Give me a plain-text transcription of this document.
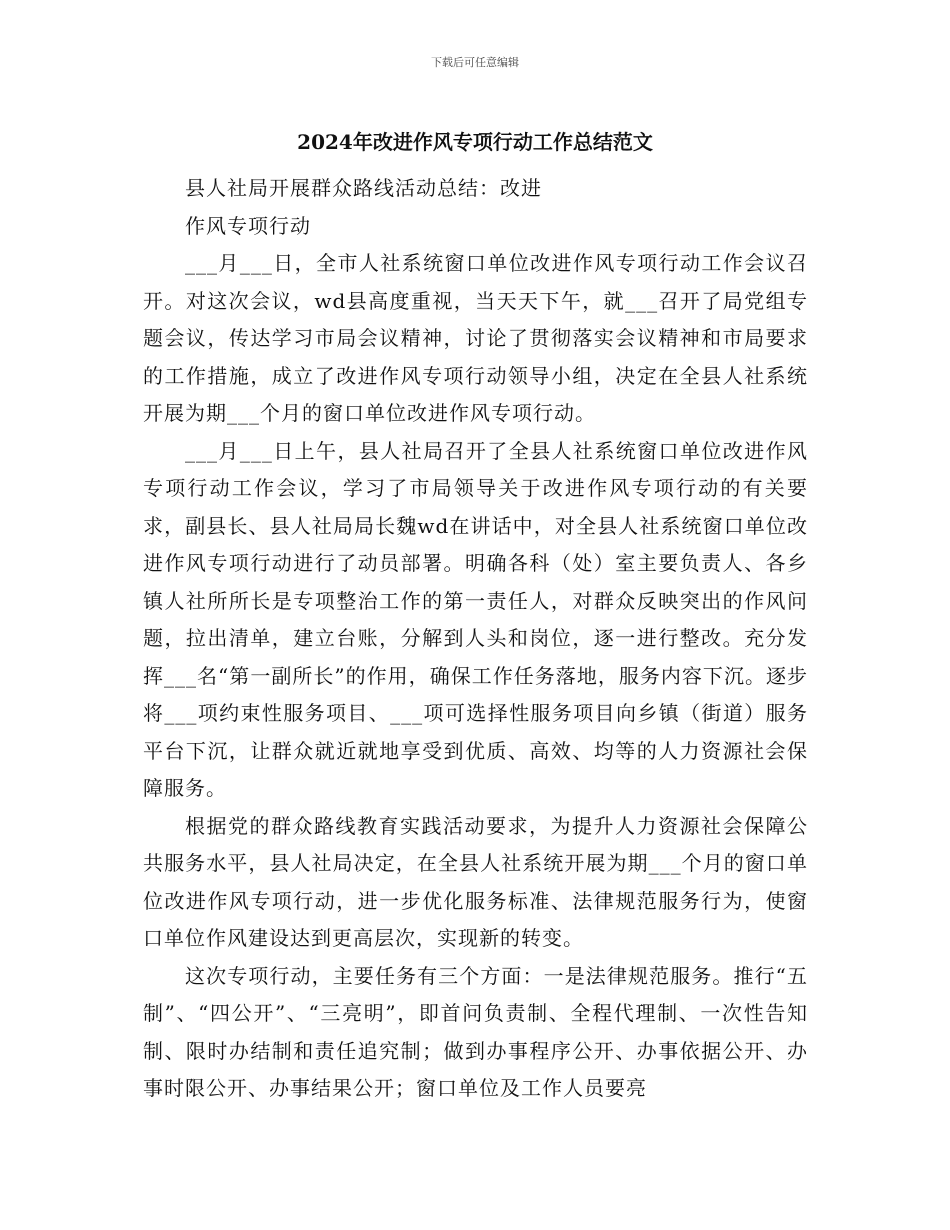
下载后可任意编辑
2024年改进作风专项行动工作总结范文
县人社局开展群众路线活动总结：改进
作风专项行动

___月___日，全市人社系统窗口单位改进作风专项行动工作会议召开。对这次会议，wd县高度重视，当天天下午，就___召开了局党组专题会议，传达学习市局会议精神，讨论了贯彻落实会议精神和市局要求的工作措施，成立了改进作风专项行动领导小组，决定在全县人社系统开展为期___个月的窗口单位改进作风专项行动。

___月___日上午，县人社局召开了全县人社系统窗口单位改进作风专项行动工作会议，学习了市局领导关于改进作风专项行动的有关要求，副县长、县人社局局长魏wd在讲话中，对全县人社系统窗口单位改进作风专项行动进行了动员部署。明确各科（处）室主要负责人、各乡镇人社所所长是专项整治工作的第一责任人，对群众反映突出的作风问题，拉出清单，建立台账，分解到人头和岗位，逐一进行整改。充分发挥___名“第一副所长”的作用，确保工作任务落地，服务内容下沉。逐步将___项约束性服务项目、___项可选择性服务项目向乡镇（街道）服务平台下沉，让群众就近就地享受到优质、高效、均等的人力资源社会保障服务。

根据党的群众路线教育实践活动要求，为提升人力资源社会保障公共服务水平，县人社局决定，在全县人社系统开展为期___个月的窗口单位改进作风专项行动，进一步优化服务标准、法律规范服务行为，使窗口单位作风建设达到更高层次，实现新的转变。

这次专项行动，主要任务有三个方面：一是法律规范服务。推行“五制”、“四公开”、“三亮明”，即首问负责制、全程代理制、一次性告知制、限时办结制和责任追究制；做到办事程序公开、办事依据公开、办事时限公开、办事结果公开；窗口单位及工作人员要亮
